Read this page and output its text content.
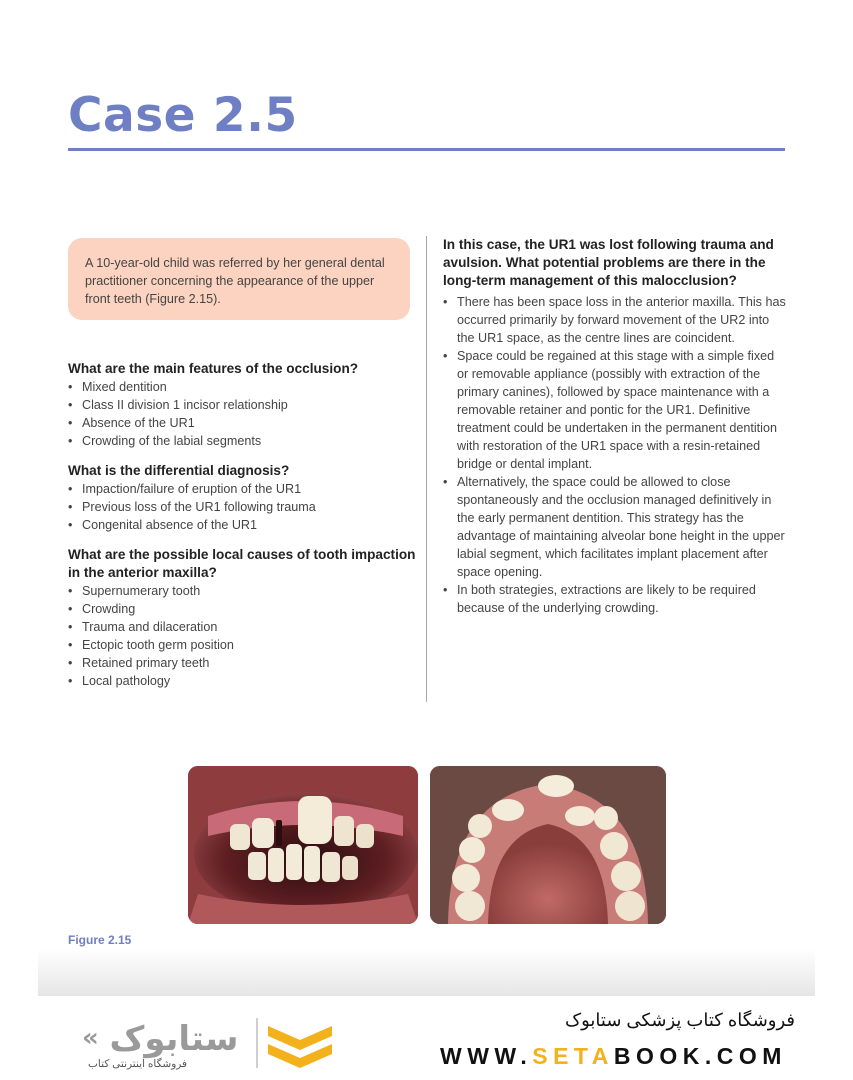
Case 2.5
A 10-year-old child was referred by her general dental practitioner concerning the appearance of the upper front teeth (Figure 2.15).
What are the main features of the occlusion?
• Mixed dentition
• Class II division 1 incisor relationship
• Absence of the UR1
• Crowding of the labial segments
What is the differential diagnosis?
• Impaction/failure of eruption of the UR1
• Previous loss of the UR1 following trauma
• Congenital absence of the UR1
What are the possible local causes of tooth impaction in the anterior maxilla?
• Supernumerary tooth
• Crowding
• Trauma and dilaceration
• Ectopic tooth germ position
• Retained primary teeth
• Local pathology
In this case, the UR1 was lost following trauma and avulsion. What potential problems are there in the long-term management of this malocclusion?
• There has been space loss in the anterior maxilla. This has occurred primarily by forward movement of the UR2 into the UR1 space, as the centre lines are coincident.
• Space could be regained at this stage with a simple fixed or removable appliance (possibly with extraction of the primary canines), followed by space maintenance with a removable retainer and pontic for the UR1. Definitive treatment could be undertaken in the permanent dentition with restoration of the UR1 space with a resin-retained bridge or dental implant.
• Alternatively, the space could be allowed to close spontaneously and the occlusion managed definitively in the early permanent dentition. This strategy has the advantage of maintaining alveolar bone height in the upper labial segment, which facilitates implant placement after space opening.
• In both strategies, extractions are likely to be required because of the underlying crowding.
Figure 2.15
« ستابوک
فروشگاه اینترنتی کتاب
فروشگاه کتاب پزشکی ستابوک
WWW.SETABOOK.COM
